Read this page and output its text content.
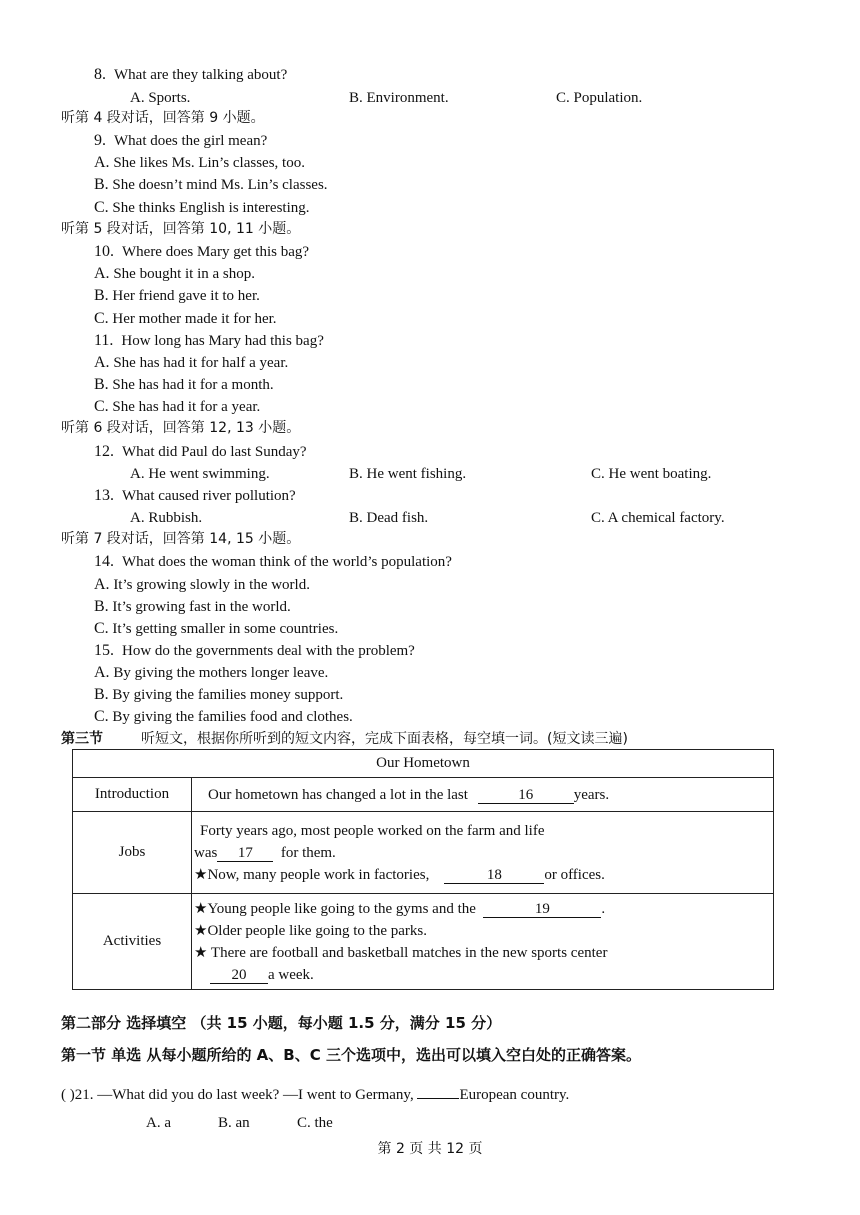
8. What are they talking about?
A. Sports.	B. Environment.	C. Population.
听第 4 段对话，回答第 9 小题。
9. What does the girl mean?
A. She likes Ms. Lin’s classes, too.
B. She doesn’t mind Ms. Lin’s classes.
C. She thinks English is interesting.
听第 5 段对话，回答第 10, 11 小题。
10. Where does Mary get this bag?
A. She bought it in a shop.
B. Her friend gave it to her.
C. Her mother made it for her.
11. How long has Mary had this bag?
A. She has had it for half a year.
B. She has had it for a month.
C. She has had it for a year.
听第 6 段对话，回答第 12, 13 小题。
12. What did Paul do last Sunday?
A. He went swimming.	B. He went fishing.	C. He went boating.
13. What caused river pollution?
A. Rubbish.	B. Dead fish.	C. A chemical factory.
听第 7 段对话，回答第 14, 15 小题。
14. What does the woman think of the world’s population?
A. It’s growing slowly in the world.
B. It’s growing fast in the world.
C. It’s getting smaller in some countries.
15. How do the governments deal with the problem?
A. By giving the mothers longer leave.
B. By giving the families money support.
C. By giving the families food and clothes.
第三节	听短文，根据你所听到的短文内容，完成下面表格，每空填一词。(短文读三遍)
Our Hometown	
Introduction	Our hometown has changed a lot in the last 16 years.
Jobs	Forty years ago, most people worked on the farm and life
was 17 for them.
★Now, many people work in factories, 18 or offices.

Activities	★Young people like going to the gyms and the 19 .
★Older people like going to the parks.
★ There are football and basketball matches in the new sports center
20 a week.
第二部分 选择填空 （共 15 小题，每小题 1.5 分，满分 15 分）
第一节 单选 从每小题所给的 A、B、C 三个选项中，选出可以填入空白处的正确答案。
( )21. —What did you do last week? —I went to Germany,	European country.
A. a	B. an	C. the
第 2 页 共 12 页
